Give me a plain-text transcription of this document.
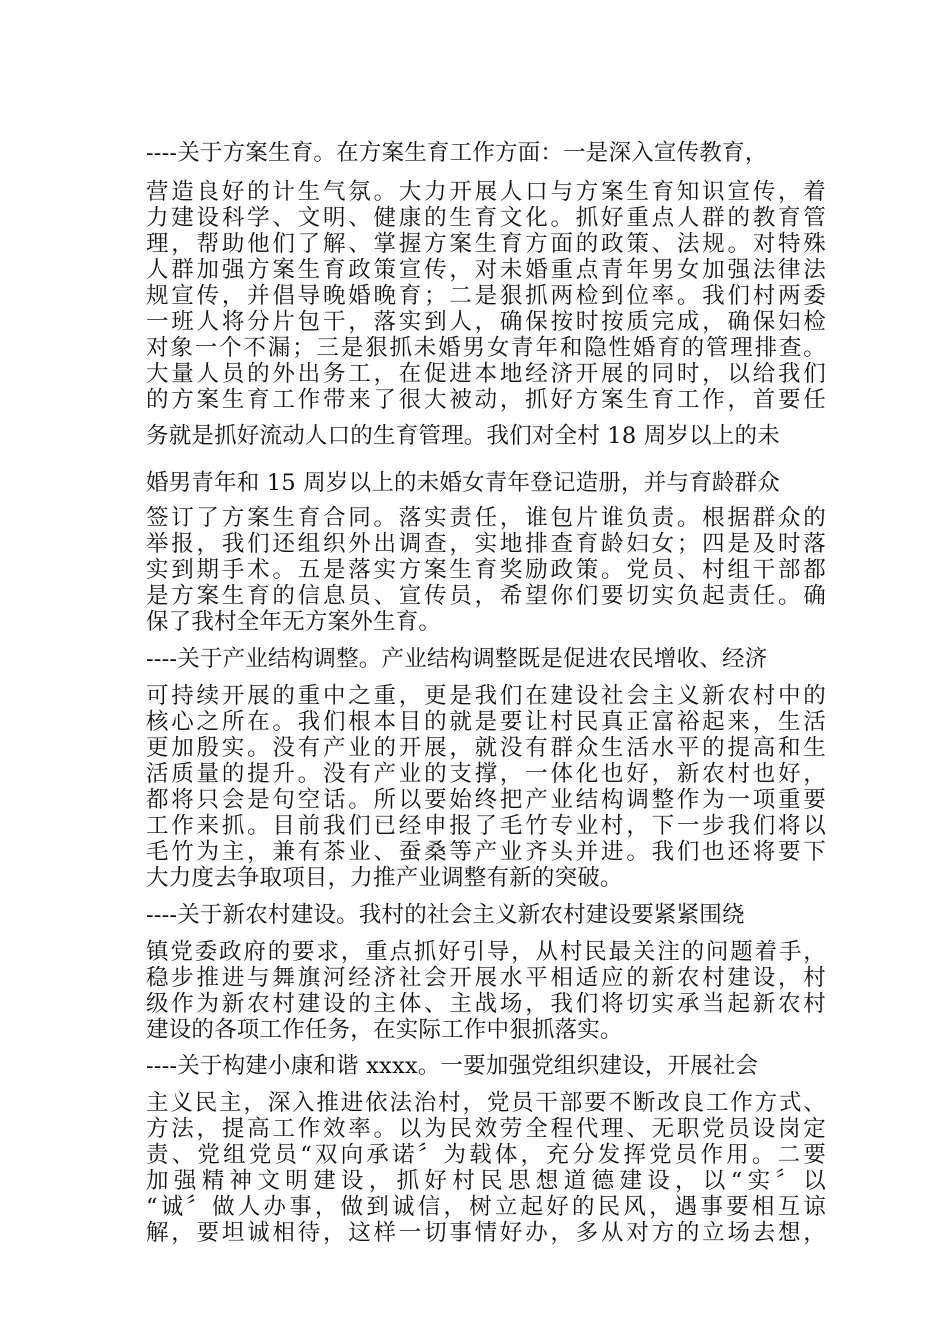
----关于方案生育。在方案生育工作方面：一是深入宣传教育，
营造良好的计生气氛。大力开展人口与方案生育知识宣传，着
力建设科学、文明、健康的生育文化。抓好重点人群的教育管
理，帮助他们了解、掌握方案生育方面的政策、法规。对特殊
人群加强方案生育政策宣传，对未婚重点青年男女加强法律法
规宣传，并倡导晚婚晚育；二是狠抓两检到位率。我们村两委
一班人将分片包干，落实到人，确保按时按质完成，确保妇检
对象一个不漏；三是狠抓未婚男女青年和隐性婚育的管理排查。
大量人员的外出务工，在促进本地经济开展的同时，以给我们
的方案生育工作带来了很大被动，抓好方案生育工作，首要任
务就是抓好流动人口的生育管理。我们对全村 18 周岁以上的未
婚男青年和 15 周岁以上的未婚女青年登记造册，并与育龄群众
签订了方案生育合同。落实责任，谁包片谁负责。根据群众的
举报，我们还组织外出调查，实地排查育龄妇女；四是及时落
实到期手术。五是落实方案生育奖励政策。党员、村组干部都
是方案生育的信息员、宣传员，希望你们要切实负起责任。确
保了我村全年无方案外生育。
----关于产业结构调整。产业结构调整既是促进农民增收、经济
可持续开展的重中之重，更是我们在建设社会主义新农村中的
核心之所在。我们根本目的就是要让村民真正富裕起来，生活
更加殷实。没有产业的开展，就没有群众生活水平的提高和生
活质量的提升。没有产业的支撑，一体化也好，新农村也好，
都将只会是句空话。所以要始终把产业结构调整作为一项重要
工作来抓。目前我们已经申报了毛竹专业村，下一步我们将以
毛竹为主，兼有茶业、蚕桑等产业齐头并进。我们也还将要下
大力度去争取项目，力推产业调整有新的突破。
----关于新农村建设。我村的社会主义新农村建设要紧紧围绕
镇党委政府的要求，重点抓好引导，从村民最关注的问题着手，
稳步推进与舞旗河经济社会开展水平相适应的新农村建设，村
级作为新农村建设的主体、主战场，我们将切实承当起新农村
建设的各项工作任务，在实际工作中狠抓落实。
----关于构建小康和谐 xxxx。一要加强党组织建设，开展社会
主义民主，深入推进依法治村，党员干部要不断改良工作方式、
方法，提高工作效率。以为民效劳全程代理、无职党员设岗定
责、党组党员“双向承诺〞为载体，充分发挥党员作用。二要
加强精神文明建设，抓好村民思想道德建设，以“实〞以
“诚〞做人办事，做到诚信，树立起好的民风，遇事要相互谅
解，要坦诚相待，这样一切事情好办，多从对方的立场去想，
